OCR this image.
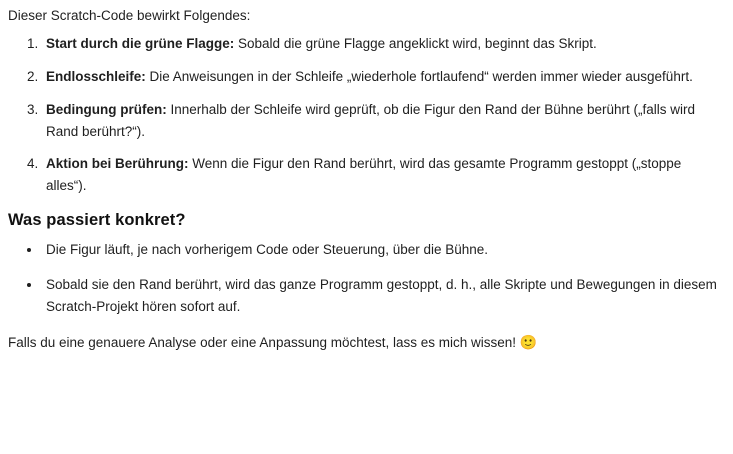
Dieser Scratch-Code bewirkt Folgendes:

1. Start durch die grüne Flagge: Sobald die grüne Flagge angeklickt wird, beginnt das Skript.
2. Endlosschleife: Die Anweisungen in der Schleife „wiederhole fortlaufend“ werden immer wieder ausgeführt.
3. Bedingung prüfen: Innerhalb der Schleife wird geprüft, ob die Figur den Rand der Bühne berührt („falls wird Rand berührt?“).
4. Aktion bei Berührung: Wenn die Figur den Rand berührt, wird das gesamte Programm gestoppt („stoppe alles“).
Was passiert konkret?
• Die Figur läuft, je nach vorherigem Code oder Steuerung, über die Bühne.
• Sobald sie den Rand berührt, wird das ganze Programm gestoppt, d. h., alle Skripte und Bewegungen in diesem Scratch-Projekt hören sofort auf.

Falls du eine genauere Analyse oder eine Anpassung möchtest, lass es mich wissen! 🙂
